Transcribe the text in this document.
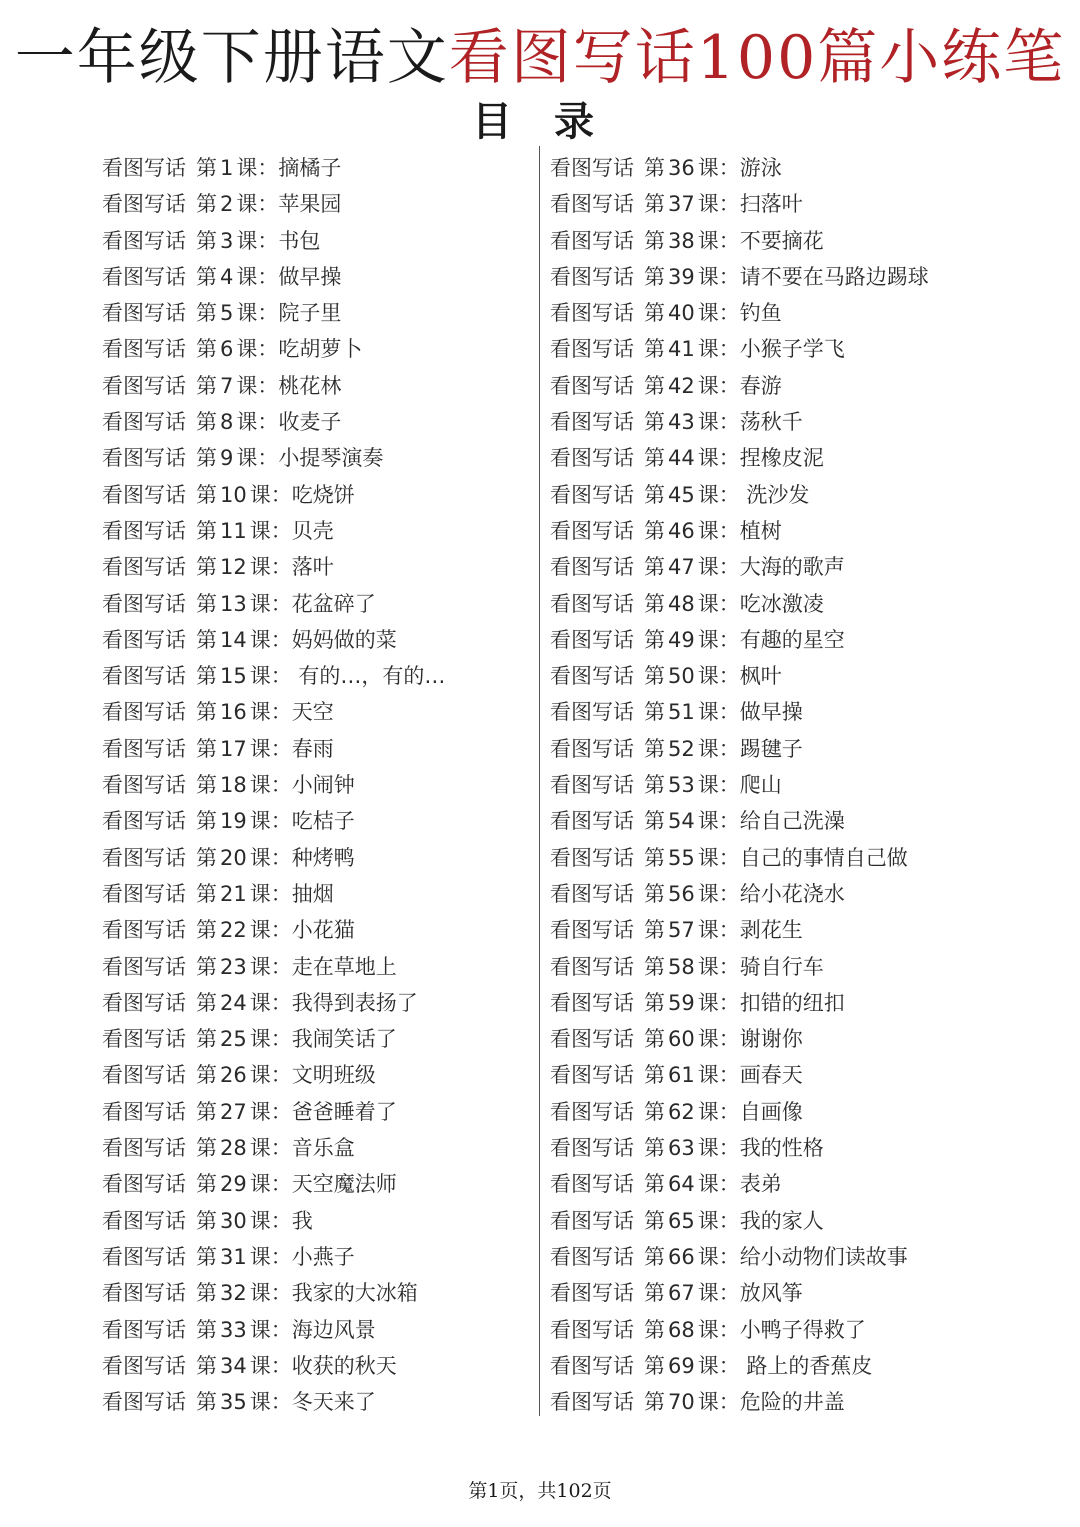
一年级下册语文看图写话100篇小练笔
目 录
看图写话 第 1 课：摘橘子
看图写话 第 2 课：苹果园
看图写话 第 3 课：书包
看图写话 第 4 课：做早操
看图写话 第 5 课：院子里
看图写话 第 6 课：吃胡萝卜
看图写话 第 7 课：桃花林
看图写话 第 8 课：收麦子
看图写话 第 9 课：小提琴演奏
看图写话 第 10 课：吃烧饼
看图写话 第 11 课：贝壳
看图写话 第 12 课：落叶
看图写话 第 13 课：花盆碎了
看图写话 第 14 课：妈妈做的菜
看图写话 第 15 课： 有的…，有的…
看图写话 第 16 课：天空
看图写话 第 17 课：春雨
看图写话 第 18 课：小闹钟
看图写话 第 19 课：吃桔子
看图写话 第 20 课：种烤鸭
看图写话 第 21 课：抽烟
看图写话 第 22 课：小花猫
看图写话 第 23 课：走在草地上
看图写话 第 24 课：我得到表扬了
看图写话 第 25 课：我闹笑话了
看图写话 第 26 课：文明班级
看图写话 第 27 课：爸爸睡着了
看图写话 第 28 课：音乐盒
看图写话 第 29 课：天空魔法师
看图写话 第 30 课：我
看图写话 第 31 课：小燕子
看图写话 第 32 课：我家的大冰箱
看图写话 第 33 课：海边风景
看图写话 第 34 课：收获的秋天
看图写话 第 35 课：冬天来了
看图写话 第 36 课：游泳
看图写话 第 37 课：扫落叶
看图写话 第 38 课：不要摘花
看图写话 第 39 课：请不要在马路边踢球
看图写话 第 40 课：钓鱼
看图写话 第 41 课：小猴子学飞
看图写话 第 42 课：春游
看图写话 第 43 课：荡秋千
看图写话 第 44 课：捏橡皮泥
看图写话 第 45 课： 洗沙发
看图写话 第 46 课：植树
看图写话 第 47 课：大海的歌声
看图写话 第 48 课：吃冰激凌
看图写话 第 49 课：有趣的星空
看图写话 第 50 课：枫叶
看图写话 第 51 课：做早操
看图写话 第 52 课：踢毽子
看图写话 第 53 课：爬山
看图写话 第 54 课：给自己洗澡
看图写话 第 55 课：自己的事情自己做
看图写话 第 56 课：给小花浇水
看图写话 第 57 课：剥花生
看图写话 第 58 课：骑自行车
看图写话 第 59 课：扣错的纽扣
看图写话 第 60 课：谢谢你
看图写话 第 61 课：画春天
看图写话 第 62 课：自画像
看图写话 第 63 课：我的性格
看图写话 第 64 课：表弟
看图写话 第 65 课：我的家人
看图写话 第 66 课：给小动物们读故事
看图写话 第 67 课：放风筝
看图写话 第 68 课：小鸭子得救了
看图写话 第 69 课： 路上的香蕉皮
看图写话 第 70 课：危险的井盖
第1页，共102页
